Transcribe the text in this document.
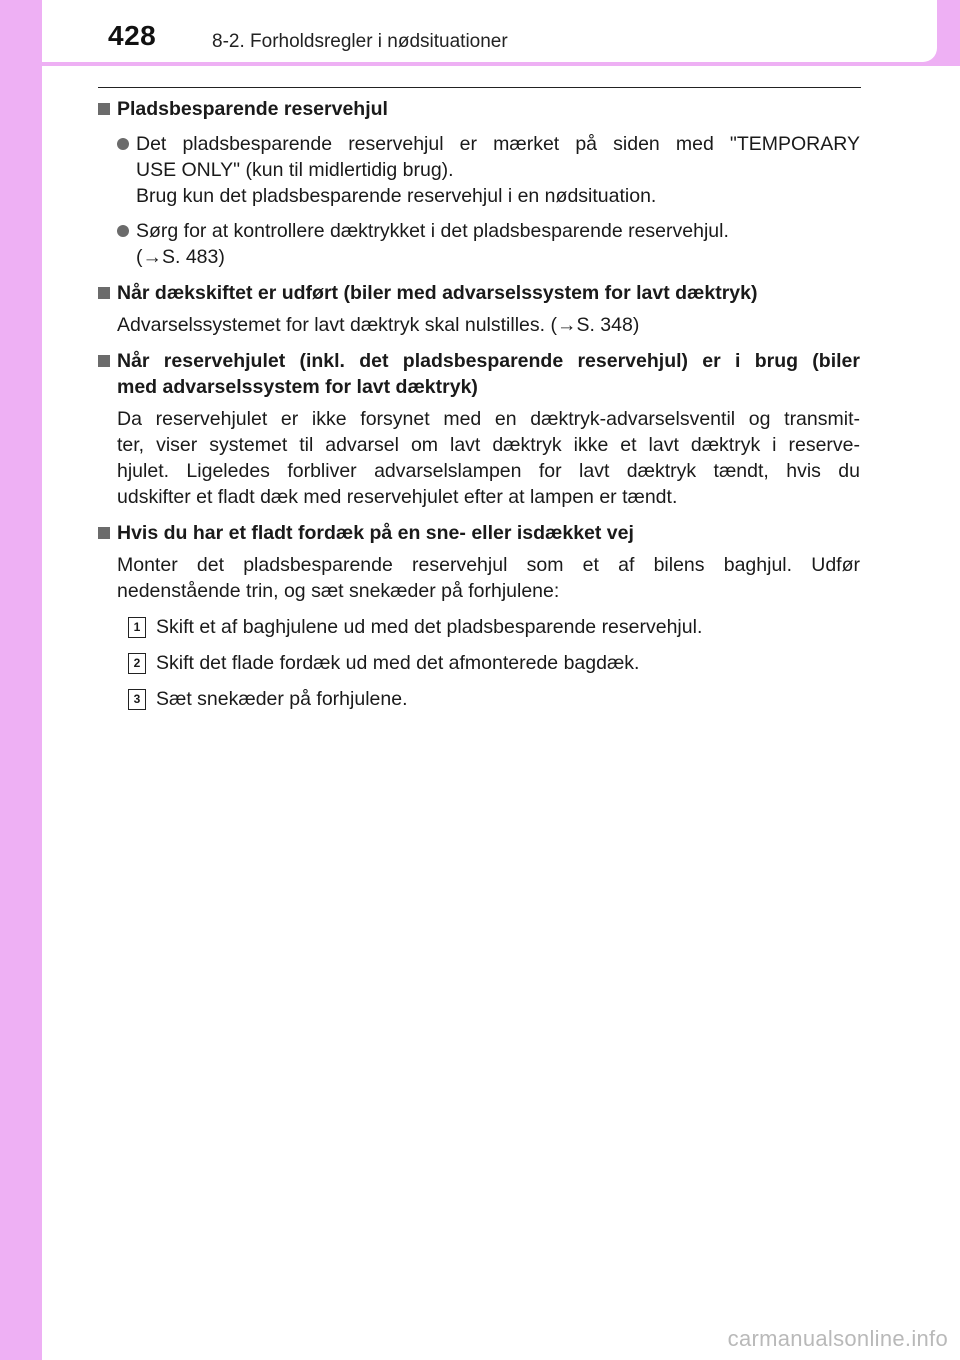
428	8-2. Forholdsregler i nødsituationer
Pladsbesparende reservehjul
Det pladsbesparende reservehjul er mærket på siden med "TEMPORARY
USE ONLY" (kun til midlertidig brug).
Brug kun det pladsbesparende reservehjul i en nødsituation.
Sørg for at kontrollere dæktrykket i det pladsbesparende reservehjul.
(→S. 483)
Når dækskiftet er udført (biler med advarselssystem for lavt dæktryk)
Advarselssystemet for lavt dæktryk skal nulstilles. (→S. 348)
Når reservehjulet (inkl. det pladsbesparende reservehjul) er i brug (biler
med advarselssystem for lavt dæktryk)
Da reservehjulet er ikke forsynet med en dæktryk-advarselsventil og transmit-
ter, viser systemet til advarsel om lavt dæktryk ikke et lavt dæktryk i reserve-
hjulet. Ligeledes forbliver advarselslampen for lavt dæktryk tændt, hvis du
udskifter et fladt dæk med reservehjulet efter at lampen er tændt.
Hvis du har et fladt fordæk på en sne- eller isdækket vej
Monter det pladsbesparende reservehjul som et af bilens baghjul. Udfør
nedenstående trin, og sæt snekæder på forhjulene:
1 Skift et af baghjulene ud med det pladsbesparende reservehjul.
2 Skift det flade fordæk ud med det afmonterede bagdæk.
3 Sæt snekæder på forhjulene.
carmanualsonline.info
